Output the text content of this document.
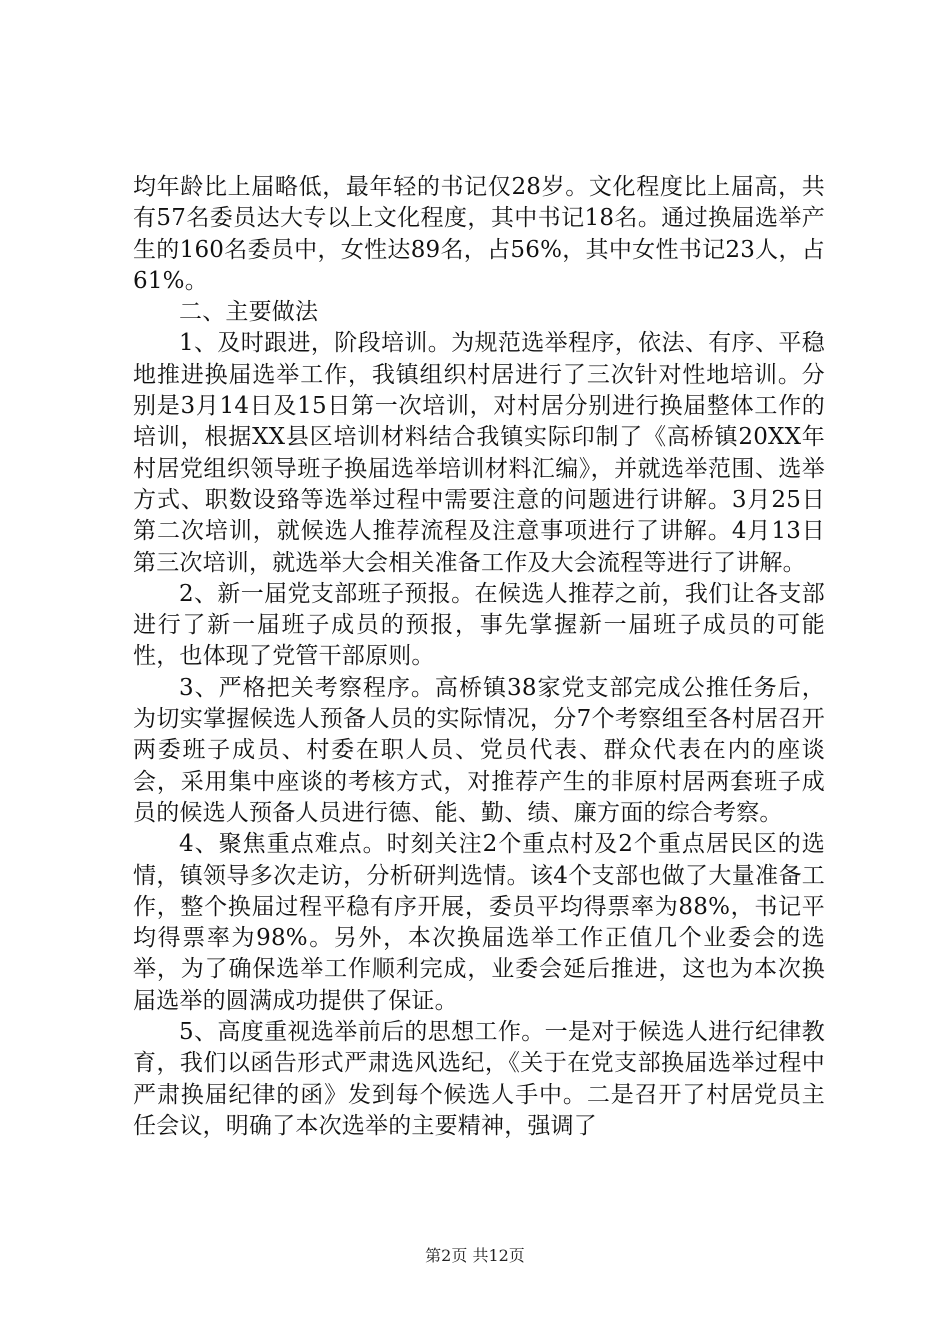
均年龄比上届略低，最年轻的书记仅28岁。文化程度比上届高，共有57名委员达大专以上文化程度，其中书记18名。通过换届选举产生的160名委员中，女性达89名，占56%，其中女性书记23人，占61%。

二、主要做法

1、及时跟进，阶段培训。为规范选举程序，依法、有序、平稳地推进换届选举工作，我镇组织村居进行了三次针对性地培训。分别是3月14日及15日第一次培训，对村居分别进行换届整体工作的培训，根据XX县区培训材料结合我镇实际印制了《高桥镇20XX年村居党组织领导班子换届选举培训材料汇编》，并就选举范围、选举方式、职数设臵等选举过程中需要注意的问题进行讲解。3月25日第二次培训，就候选人推荐流程及注意事项进行了讲解。4月13日第三次培训，就选举大会相关准备工作及大会流程等进行了讲解。

2、新一届党支部班子预报。在候选人推荐之前，我们让各支部进行了新一届班子成员的预报，事先掌握新一届班子成员的可能性，也体现了党管干部原则。

3、严格把关考察程序。高桥镇38家党支部完成公推任务后，为切实掌握候选人预备人员的实际情况，分7个考察组至各村居召开两委班子成员、村委在职人员、党员代表、群众代表在内的座谈会，采用集中座谈的考核方式，对推荐产生的非原村居两套班子成员的候选人预备人员进行德、能、勤、绩、廉方面的综合考察。

4、聚焦重点难点。时刻关注2个重点村及2个重点居民区的选情，镇领导多次走访，分析研判选情。该4个支部也做了大量准备工作，整个换届过程平稳有序开展，委员平均得票率为88%，书记平均得票率为98%。另外，本次换届选举工作正值几个业委会的选举，为了确保选举工作顺利完成，业委会延后推进，这也为本次换届选举的圆满成功提供了保证。

5、高度重视选举前后的思想工作。一是对于候选人进行纪律教育，我们以函告形式严肃选风选纪，《关于在党支部换届选举过程中严肃换届纪律的函》发到每个候选人手中。二是召开了村居党员主任会议，明确了本次选举的主要精神，强调了

第2页 共12页
